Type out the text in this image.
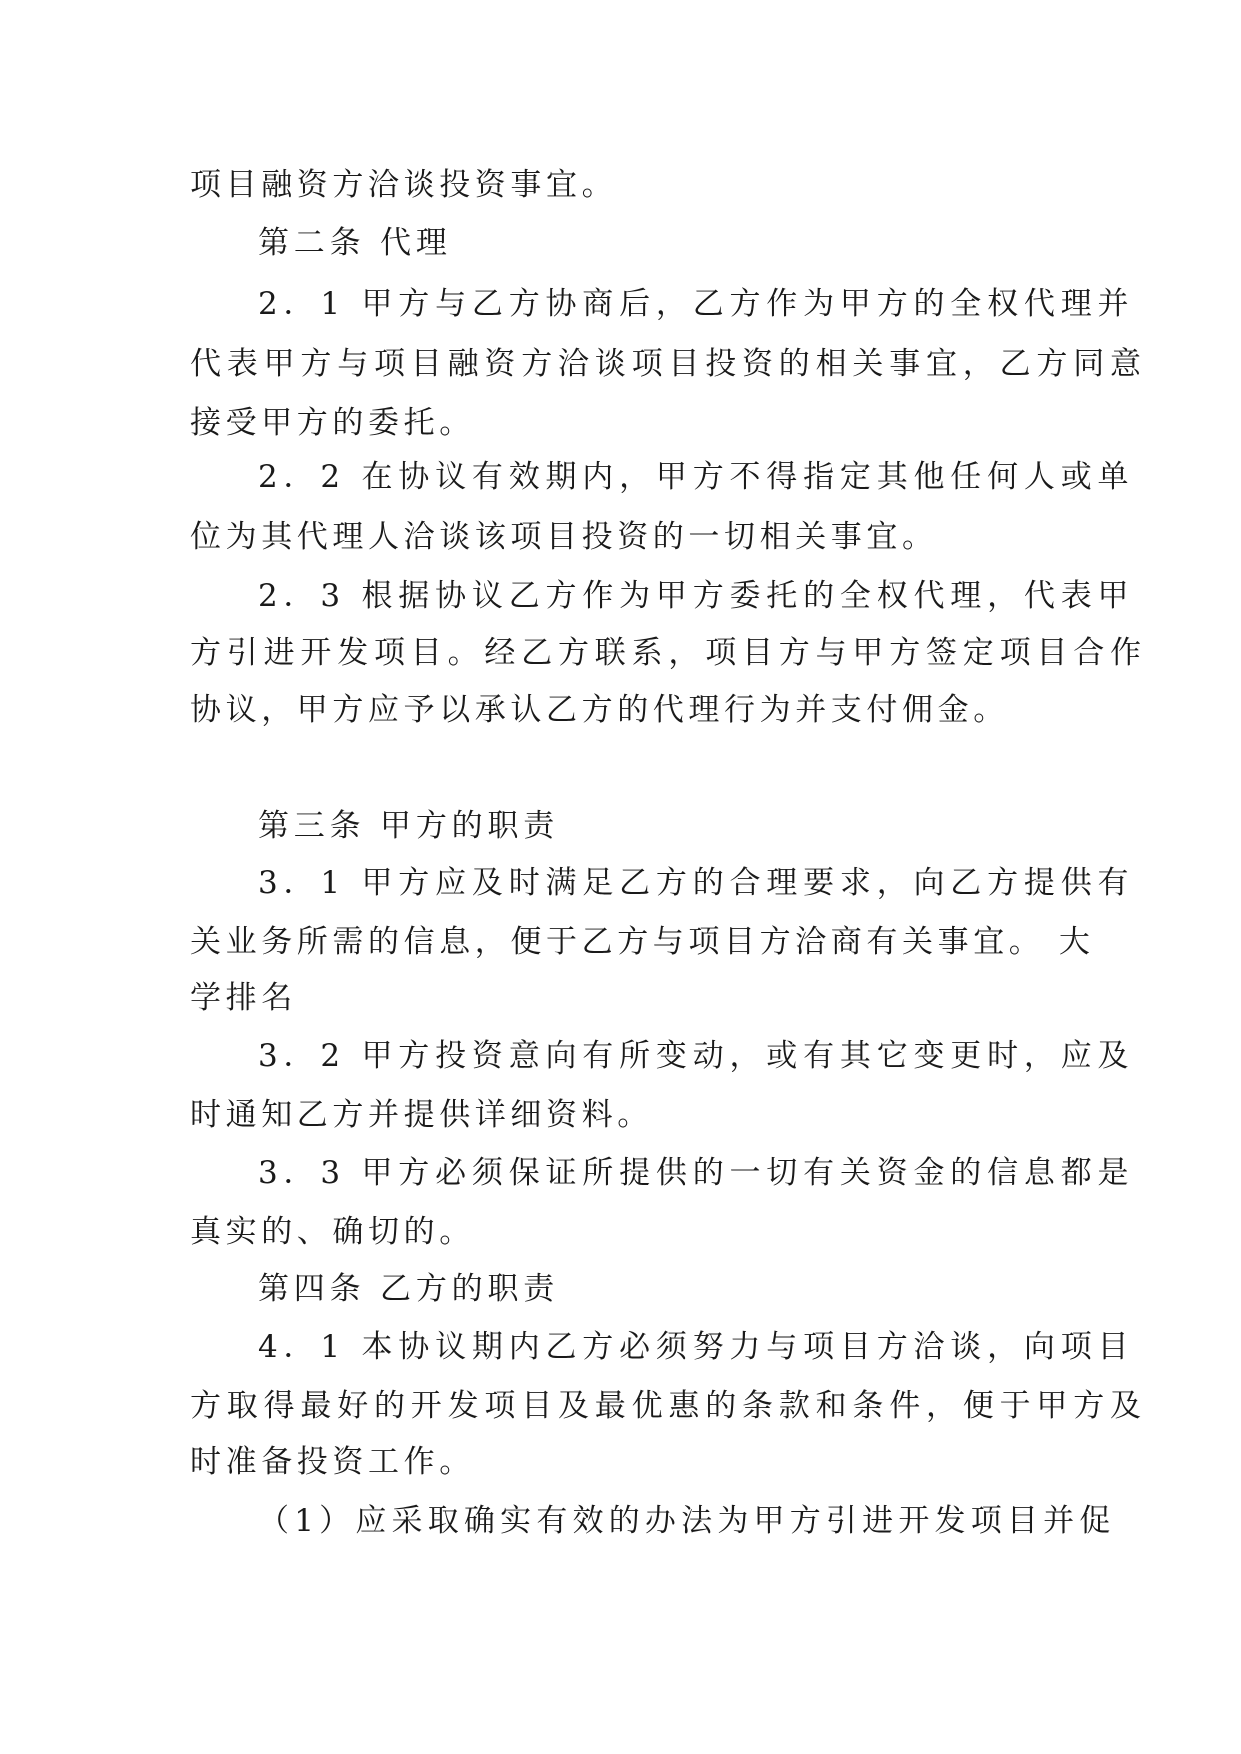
项目融资方洽谈投资事宜。

第二条 代理

2．1 甲方与乙方协商后，乙方作为甲方的全权代理并

代表甲方与项目融资方洽谈项目投资的相关事宜，乙方同意

接受甲方的委托。

2．2 在协议有效期内，甲方不得指定其他任何人或单

位为其代理人洽谈该项目投资的一切相关事宜。

2．3 根据协议乙方作为甲方委托的全权代理，代表甲

方引进开发项目。经乙方联系，项目方与甲方签定项目合作

协议，甲方应予以承认乙方的代理行为并支付佣金。

第三条 甲方的职责

3．1 甲方应及时满足乙方的合理要求，向乙方提供有

关业务所需的信息，便于乙方与项目方洽商有关事宜。 大

学排名

3．2 甲方投资意向有所变动，或有其它变更时，应及

时通知乙方并提供详细资料。

3．3 甲方必须保证所提供的一切有关资金的信息都是

真实的、确切的。

第四条 乙方的职责

4．1 本协议期内乙方必须努力与项目方洽谈，向项目

方取得最好的开发项目及最优惠的条款和条件，便于甲方及

时准备投资工作。

（1）应采取确实有效的办法为甲方引进开发项目并促
